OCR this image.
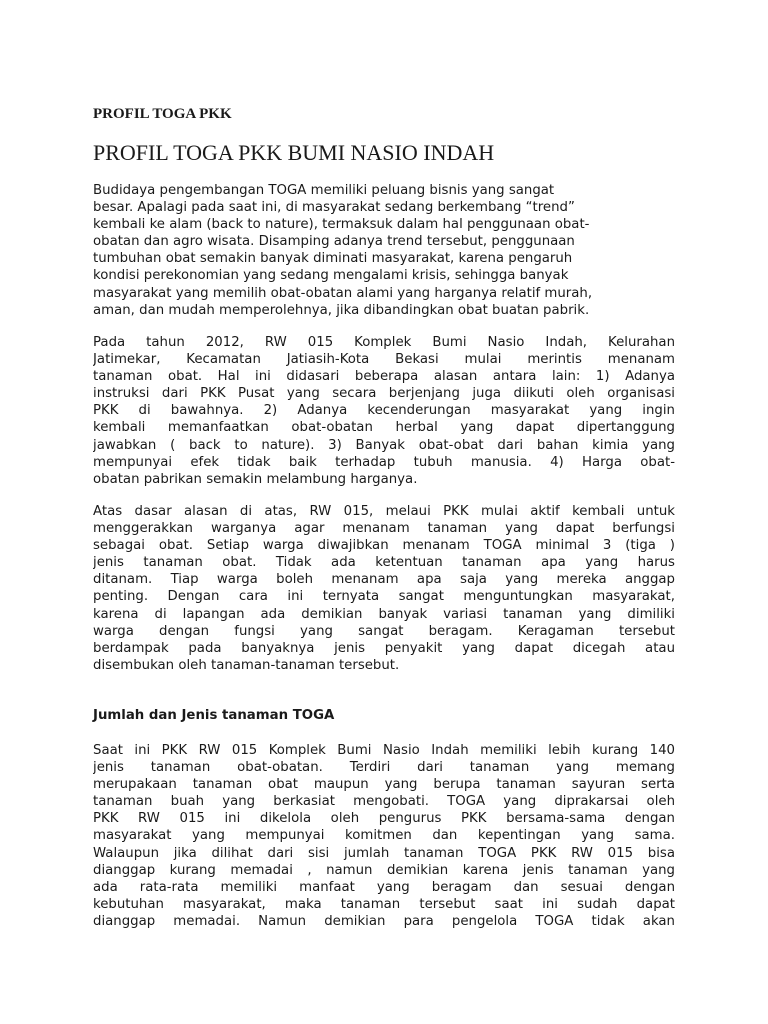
PROFIL TOGA PKK
PROFIL TOGA PKK BUMI NASIO INDAH
Budidaya pengembangan TOGA memiliki peluang bisnis yang sangat
besar. Apalagi pada saat ini, di masyarakat sedang berkembang “trend”
kembali ke alam (back to nature), termaksuk dalam hal penggunaan obat-
obatan dan agro wisata. Disamping adanya trend tersebut, penggunaan
tumbuhan obat semakin banyak diminati masyarakat, karena pengaruh
kondisi perekonomian yang sedang mengalami krisis, sehingga banyak
masyarakat yang memilih obat-obatan alami yang harganya relatif murah,
aman, dan mudah memperolehnya, jika dibandingkan obat buatan pabrik.
Pada tahun 2012, RW 015 Komplek Bumi Nasio Indah, Kelurahan
Jatimekar, Kecamatan Jatiasih-Kota Bekasi mulai merintis menanam
tanaman obat. Hal ini didasari beberapa alasan antara lain: 1) Adanya
instruksi dari PKK Pusat yang secara berjenjang juga diikuti oleh organisasi
PKK di bawahnya. 2) Adanya kecenderungan masyarakat yang ingin
kembali memanfaatkan obat-obatan herbal yang dapat dipertanggung
jawabkan ( back to nature). 3) Banyak obat-obat dari bahan kimia yang
mempunyai efek tidak baik terhadap tubuh manusia. 4) Harga obat-
obatan pabrikan semakin melambung harganya.
Atas dasar alasan di atas, RW 015, melaui PKK mulai aktif kembali untuk
menggerakkan warganya agar menanam tanaman yang dapat berfungsi
sebagai obat. Setiap warga diwajibkan menanam TOGA minimal 3 (tiga )
jenis tanaman obat. Tidak ada ketentuan tanaman apa yang harus
ditanam. Tiap warga boleh menanam apa saja yang mereka anggap
penting. Dengan cara ini ternyata sangat menguntungkan masyarakat,
karena di lapangan ada demikian banyak variasi tanaman yang dimiliki
warga dengan fungsi yang sangat beragam. Keragaman tersebut
berdampak pada banyaknya jenis penyakit yang dapat dicegah atau
disembukan oleh tanaman-tanaman tersebut.
Jumlah dan Jenis tanaman TOGA
Saat ini PKK RW 015 Komplek Bumi Nasio Indah memiliki lebih kurang 140
jenis tanaman obat-obatan. Terdiri dari tanaman yang memang
merupakaan tanaman obat maupun yang berupa tanaman sayuran serta
tanaman buah yang berkasiat mengobati. TOGA yang diprakarsai oleh
PKK RW 015 ini dikelola oleh pengurus PKK bersama-sama dengan
masyarakat yang mempunyai komitmen dan kepentingan yang sama.
Walaupun jika dilihat dari sisi jumlah tanaman TOGA PKK RW 015 bisa
dianggap kurang memadai , namun demikian karena jenis tanaman yang
ada rata-rata memiliki manfaat yang beragam dan sesuai dengan
kebutuhan masyarakat, maka tanaman tersebut saat ini sudah dapat
dianggap memadai. Namun demikian para pengelola TOGA tidak akan
